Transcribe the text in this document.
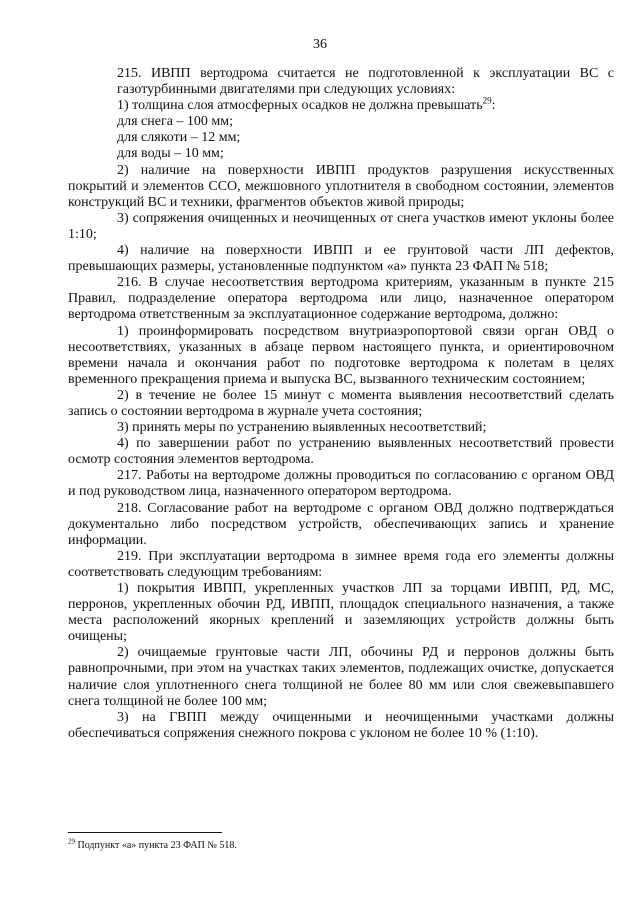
36

215. ИВПП вертодрома считается не подготовленной к эксплуатации ВС с газотурбинными двигателями при следующих условиях:

1) толщина слоя атмосферных осадков не должна превышать$^{29}$:

для снега – 100 мм;

для слякоти – 12 мм;

для воды – 10 мм;

2) наличие на поверхности ИВПП продуктов разрушения искусственных покрытий и элементов ССО, межшовного уплотнителя в свободном состоянии, элементов конструкций ВС и техники, фрагментов объектов живой природы;

3) сопряжения очищенных и неочищенных от снега участков имеют уклоны более 1:10;

4) наличие на поверхности ИВПП и ее грунтовой части ЛП дефектов, превышающих размеры, установленные подпунктом «а» пункта 23 ФАП № 518;

216. В случае несоответствия вертодрома критериям, указанным в пункте 215 Правил, подразделение оператора вертодрома или лицо, назначенное оператором вертодрома ответственным за эксплуатационное содержание вертодрома, должно:

1) проинформировать посредством внутриаэропортовой связи орган ОВД о несоответствиях, указанных в абзаце первом настоящего пункта, и ориентировочном времени начала и окончания работ по подготовке вертодрома к полетам в целях временного прекращения приема и выпуска ВС, вызванного техническим состоянием;

2) в течение не более 15 минут с момента выявления несоответствий сделать запись о состоянии вертодрома в журнале учета состояния;

3) принять меры по устранению выявленных несоответствий;

4) по завершении работ по устранению выявленных несоответствий провести осмотр состояния элементов вертодрома.

217. Работы на вертодроме должны проводиться по согласованию с органом ОВД и под руководством лица, назначенного оператором вертодрома.

218. Согласование работ на вертодроме с органом ОВД должно подтверждаться документально либо посредством устройств, обеспечивающих запись и хранение информации.

219. При эксплуатации вертодрома в зимнее время года его элементы должны соответствовать следующим требованиям:

1) покрытия ИВПП, укрепленных участков ЛП за торцами ИВПП, РД, МС, перронов, укрепленных обочин РД, ИВПП, площадок специального назначения, а также места расположений якорных креплений и заземляющих устройств должны быть очищены;

2) очищаемые грунтовые части ЛП, обочины РД и перронов должны быть равнопрочными, при этом на участках таких элементов, подлежащих очистке, допускается наличие слоя уплотненного снега толщиной не более 80 мм или слоя свежевыпавшего снега толщиной не более 100 мм;

3) на ГВПП между очищенными и неочищенными участками должны обеспечиваться сопряжения снежного покрова с уклоном не более 10 % (1:10).

$^{29}$ Подпункт «а» пункта 23 ФАП № 518.
